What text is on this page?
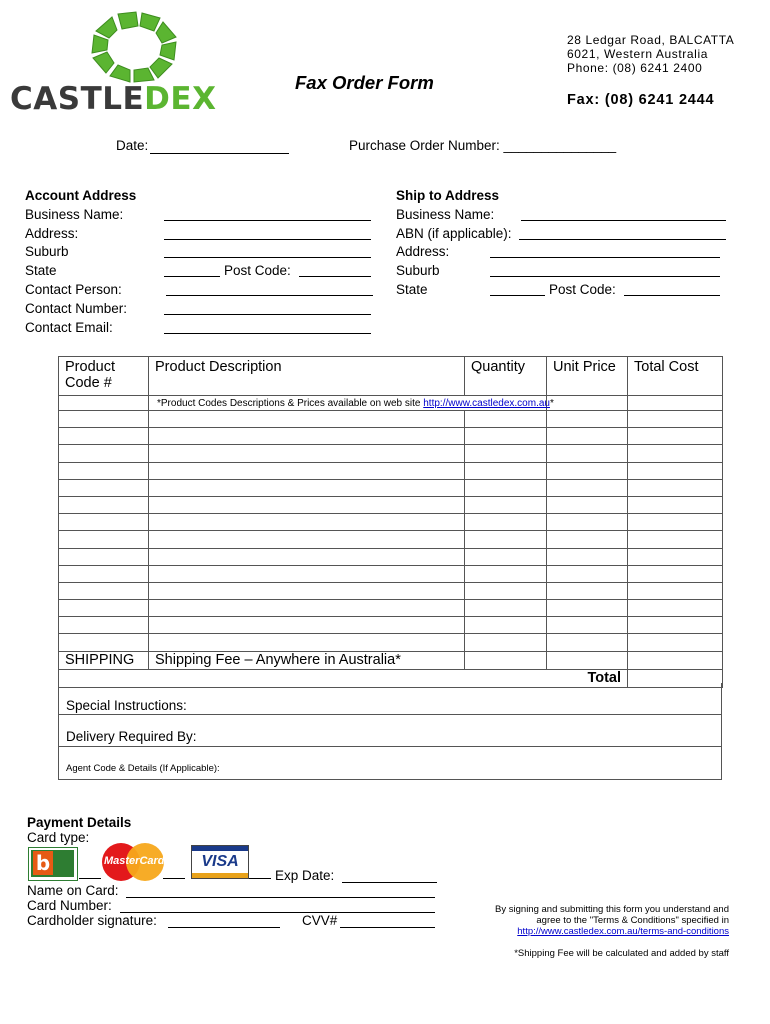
CASTLEDEX	Fax Order Form
28 Ledgar Road, BALCATTA
6021, Western Australia
Phone: (08) 6241 2400
Fax: (08) 6241 2444
Date:	Purchase Order Number: _______________
Account Address
Business Name:
Address:
Suburb
State	Post Code:
Contact Person:
Contact Number:
Contact Email:
Ship to Address
Business Name:
ABN (if applicable):
Address:
Suburb
State	Post Code:
Product Code #	Product Description	Quantity	Unit Price	Total Cost
	*Product Codes Descriptions & Prices available on web site http://www.castledex.com.au*			

SHIPPING	Shipping Fee – Anywhere in Australia*			
Total				
Special Instructions:
Delivery Required By:
Agent Code & Details (If Applicable):
Payment Details
Card type:
b	MasterCard	VISA
Exp Date:
Name on Card:
Card Number:
Cardholder signature:	CVV#
By signing and submitting this form you understand and
agree to the "Terms & Conditions" specified in
http://www.castledex.com.au/terms-and-conditions
*Shipping Fee will be calculated and added by staff
